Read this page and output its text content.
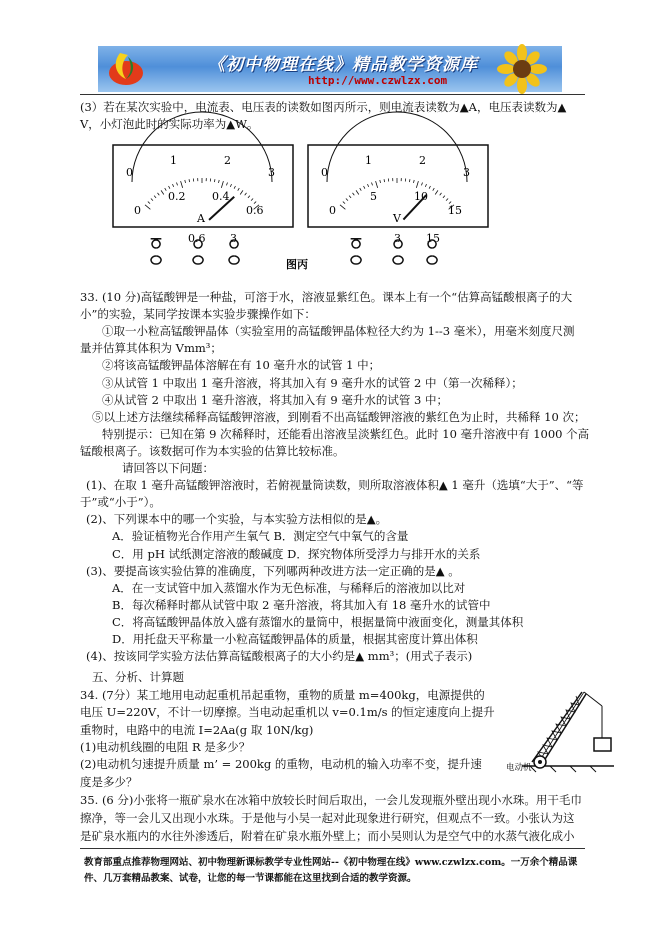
《初中物理在线》精品教学资源库
http://www.czwlzx.com
(3）若在某次实验中，电流表、电压表的读数如图丙所示，则电流表读数为▲A，电压表读数为▲
V，小灯泡此时的实际功率为▲W。
0
1	2
3
0
0.2 0.4
0.6
A
— 0.6 3
0
1	2
3
0
5	10
15
V
—	3 15
图丙
33. (10 分)高锰酸钾是一种盐，可溶于水，溶液显紫红色。课本上有一个“估算高锰酸根离子的大
小”的实验，某同学按课本实验步骤操作如下：
①取一小粒高锰酸钾晶体（实验室用的高锰酸钾晶体粒径大约为 1--3 毫米），用毫米刻度尺测
量并估算其体积为 Vmm³；
②将该高锰酸钾晶体溶解在有 10 毫升水的试管 1 中；
③从试管 1 中取出 1 毫升溶液，将其加入有 9 毫升水的试管 2 中（第一次稀释）；
④从试管 2 中取出 1 毫升溶液，将其加入有 9 毫升水的试管 3 中；
⑤以上述方法继续稀释高锰酸钾溶液，到刚看不出高锰酸钾溶液的紫红色为止时，共稀释 10 次；
特别提示：已知在第 9 次稀释时，还能看出溶液呈淡紫红色。此时 10 毫升溶液中有 1000 个高
锰酸根离子。该数据可作为本实验的估算比较标准。
请回答以下问题：
(1)、在取 1 毫升高锰酸钾溶液时，若俯视量筒读数，则所取溶液体积▲ 1 毫升（选填“大于”、“等
于”或“小于”）。
(2)、下列课本中的哪一个实验，与本实验方法相似的是▲。
A．验证植物光合作用产生氧气 B．测定空气中氧气的含量
C．用 pH 试纸测定溶液的酸碱度 D．探究物体所受浮力与排开水的关系
(3)、要提高该实验估算的准确度，下列哪两种改进方法一定正确的是▲ 。
A．在一支试管中加入蒸馏水作为无色标准，与稀释后的溶液加以比对
B．每次稀释时都从试管中取 2 毫升溶液，将其加入有 18 毫升水的试管中
C．将高锰酸钾晶体放入盛有蒸馏水的量筒中，根据量筒中液面变化，测量其体积
D．用托盘天平称量一小粒高锰酸钾晶体的质量，根据其密度计算出体积
(4)、按该同学实验方法估算高锰酸根离子的大小约是▲ mm³；(用式子表示)
五、分析、计算题
34. (7分）某工地用电动起重机吊起重物，重物的质量 m=400kg，电源提供的
电压 U=220V，不计一切摩擦。当电动起重机以 v=0.1m/s 的恒定速度向上提升
重物时，电路中的电流 I=2Aa(g 取 10N/kg)
(1)电动机线圈的电阻 R 是多少？
(2)电动机匀速提升质量 m’ = 200kg 的重物，电动机的输入功率不变，提升速
度是多少？
电动机
35. (6 分)小张将一瓶矿泉水在冰箱中放较长时间后取出，一会儿发现瓶外壁出现小水珠。用干毛巾
擦净，等一会儿又出现小水珠。于是他与小吴一起对此现象进行研究，但观点不一致。小张认为这
是矿泉水瓶内的水往外渗透后，附着在矿泉水瓶外壁上；而小吴则认为是空气中的水蒸气液化成小
教育部重点推荐物理网站、初中物理新课标教学专业性网站--《初中物理在线》www.czwlzx.com。一万余个精品课
件、几万套精品教案、试卷，让您的每一节课都能在这里找到合适的教学资源。
